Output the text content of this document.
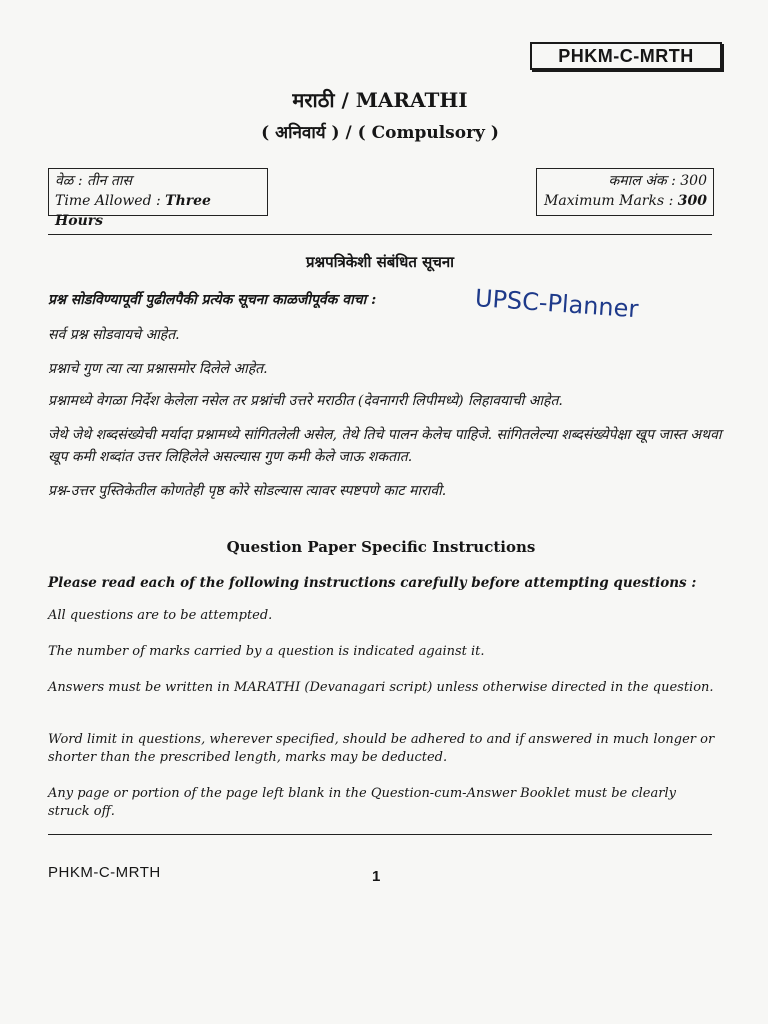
PHKM-C-MRTH
मराठी / MARATHI
( अनिवार्य ) / ( Compulsory )
वेळ : तीन तास
Time Allowed : Three Hours
कमाल अंक : 300
Maximum Marks : 300
प्रश्नपत्रिकेशी संबंधित सूचना
प्रश्न सोडविण्यापूर्वी पुढीलपैकी प्रत्येक सूचना काळजीपूर्वक वाचा :	UPSC-Planner
सर्व प्रश्न सोडवायचे आहेत.
प्रश्नाचे गुण त्या त्या प्रश्नासमोर दिलेले आहेत.
प्रश्नामध्ये वेगळा निर्देश केलेला नसेल तर प्रश्नांची उत्तरे मराठीत (देवनागरी लिपीमध्ये) लिहावयाची आहेत.
जेथे जेथे शब्दसंख्येची मर्यादा प्रश्नामध्ये सांगितलेली असेल, तेथे तिचे पालन केलेच पाहिजे. सांगितलेल्या शब्दसंख्येपेक्षा खूप जास्त अथवा खूप कमी शब्दांत उत्तर लिहिलेले असल्यास गुण कमी केले जाऊ शकतात.
प्रश्न-उत्तर पुस्तिकेतील कोणतेही पृष्ठ कोरे सोडल्यास त्यावर स्पष्टपणे काट मारावी.
Question Paper Specific Instructions
Please read each of the following instructions carefully before attempting questions :
All questions are to be attempted.
The number of marks carried by a question is indicated against it.
Answers must be written in MARATHI (Devanagari script) unless otherwise directed in the question.
Word limit in questions, wherever specified, should be adhered to and if answered in much longer or shorter than the prescribed length, marks may be deducted.
Any page or portion of the page left blank in the Question-cum-Answer Booklet must be clearly struck off.
PHKM-C-MRTH	1
